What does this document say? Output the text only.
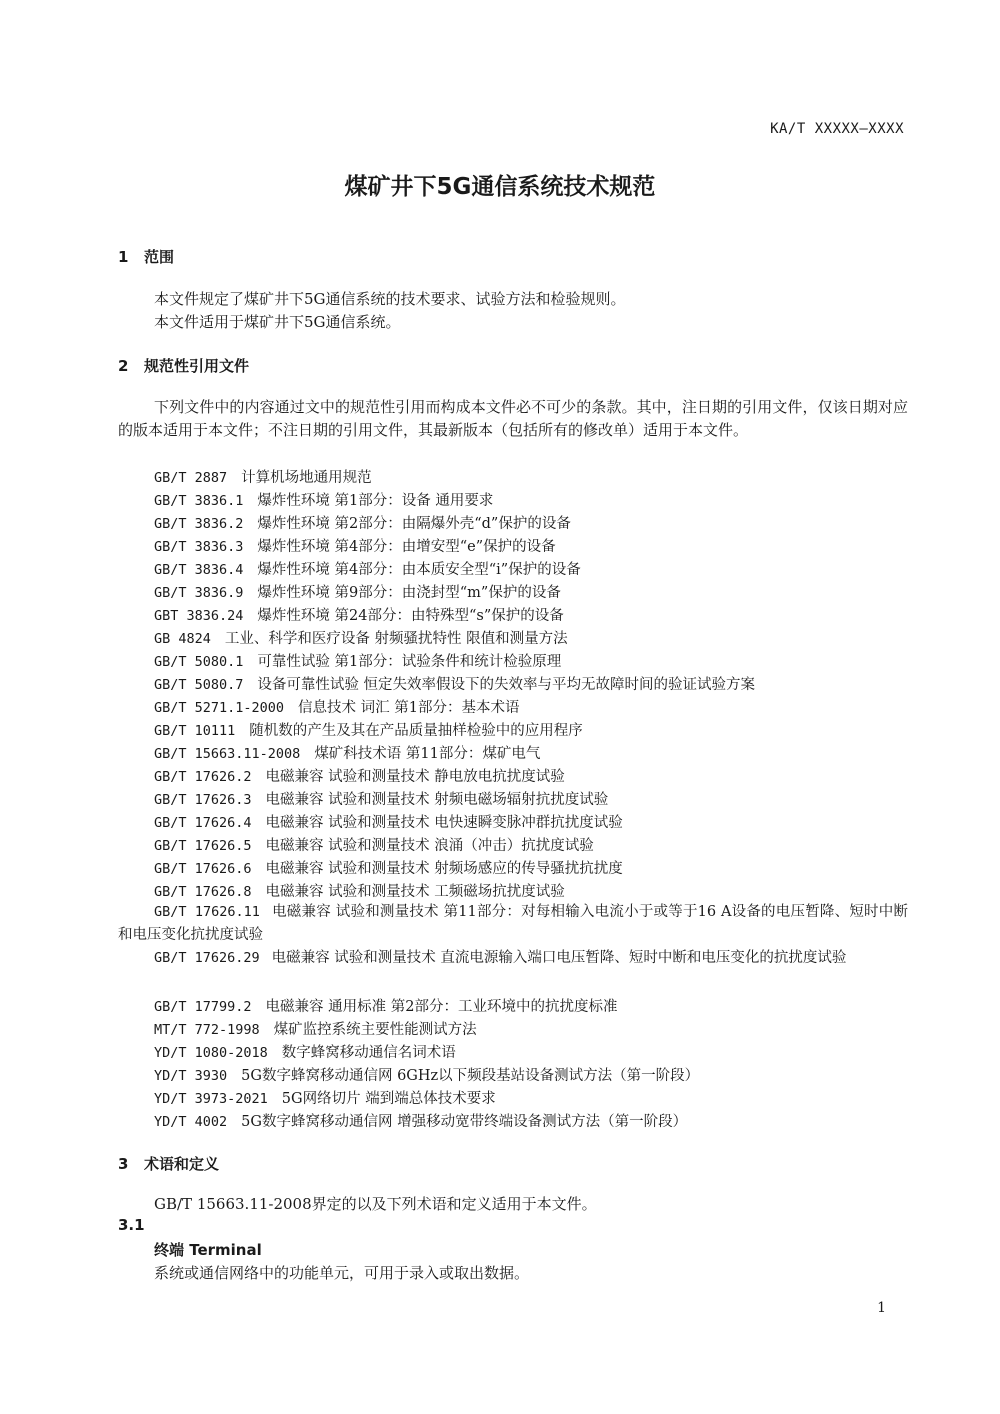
KA/T XXXXX—XXXX
煤矿井下5G通信系统技术规范
1 范围
本文件规定了煤矿井下5G通信系统的技术要求、试验方法和检验规则。
本文件适用于煤矿井下5G通信系统。
2 规范性引用文件
下列文件中的内容通过文中的规范性引用而构成本文件必不可少的条款。其中，注日期的引用文件，仅该日期对应的版本适用于本文件；不注日期的引用文件，其最新版本（包括所有的修改单）适用于本文件。
GB/T 2887 计算机场地通用规范
GB/T 3836.1 爆炸性环境 第1部分：设备 通用要求
GB/T 3836.2 爆炸性环境 第2部分：由隔爆外壳“d”保护的设备
GB/T 3836.3 爆炸性环境 第4部分：由增安型“e”保护的设备
GB/T 3836.4 爆炸性环境 第4部分：由本质安全型“i”保护的设备
GB/T 3836.9 爆炸性环境 第9部分：由浇封型“m”保护的设备
GBT 3836.24 爆炸性环境 第24部分：由特殊型“s”保护的设备
GB 4824 工业、科学和医疗设备 射频骚扰特性 限值和测量方法
GB/T 5080.1 可靠性试验 第1部分：试验条件和统计检验原理
GB/T 5080.7 设备可靠性试验 恒定失效率假设下的失效率与平均无故障时间的验证试验方案
GB/T 5271.1-2000 信息技术 词汇 第1部分：基本术语
GB/T 10111 随机数的产生及其在产品质量抽样检验中的应用程序
GB/T 15663.11-2008 煤矿科技术语 第11部分：煤矿电气
GB/T 17626.2 电磁兼容 试验和测量技术 静电放电抗扰度试验
GB/T 17626.3 电磁兼容 试验和测量技术 射频电磁场辐射抗扰度试验
GB/T 17626.4 电磁兼容 试验和测量技术 电快速瞬变脉冲群抗扰度试验
GB/T 17626.5 电磁兼容 试验和测量技术 浪涌（冲击）抗扰度试验
GB/T 17626.6 电磁兼容 试验和测量技术 射频场感应的传导骚扰抗扰度
GB/T 17626.8 电磁兼容 试验和测量技术 工频磁场抗扰度试验
GB/T 17626.11 电磁兼容 试验和测量技术 第11部分：对每相输入电流小于或等于16 A设备的电压暂降、短时中断和电压变化抗扰度试验
GB/T 17626.29 电磁兼容 试验和测量技术 直流电源输入端口电压暂降、短时中断和电压变化的抗扰度试验
GB/T 17799.2 电磁兼容 通用标准 第2部分：工业环境中的抗扰度标准
MT/T 772-1998 煤矿监控系统主要性能测试方法
YD/T 1080-2018 数字蜂窝移动通信名词术语
YD/T 3930 5G数字蜂窝移动通信网 6GHz以下频段基站设备测试方法（第一阶段）
YD/T 3973-2021 5G网络切片 端到端总体技术要求
YD/T 4002 5G数字蜂窝移动通信网 增强移动宽带终端设备测试方法（第一阶段）
3 术语和定义
GB/T 15663.11-2008界定的以及下列术语和定义适用于本文件。
3.1
终端 Terminal
系统或通信网络中的功能单元，可用于录入或取出数据。
1
